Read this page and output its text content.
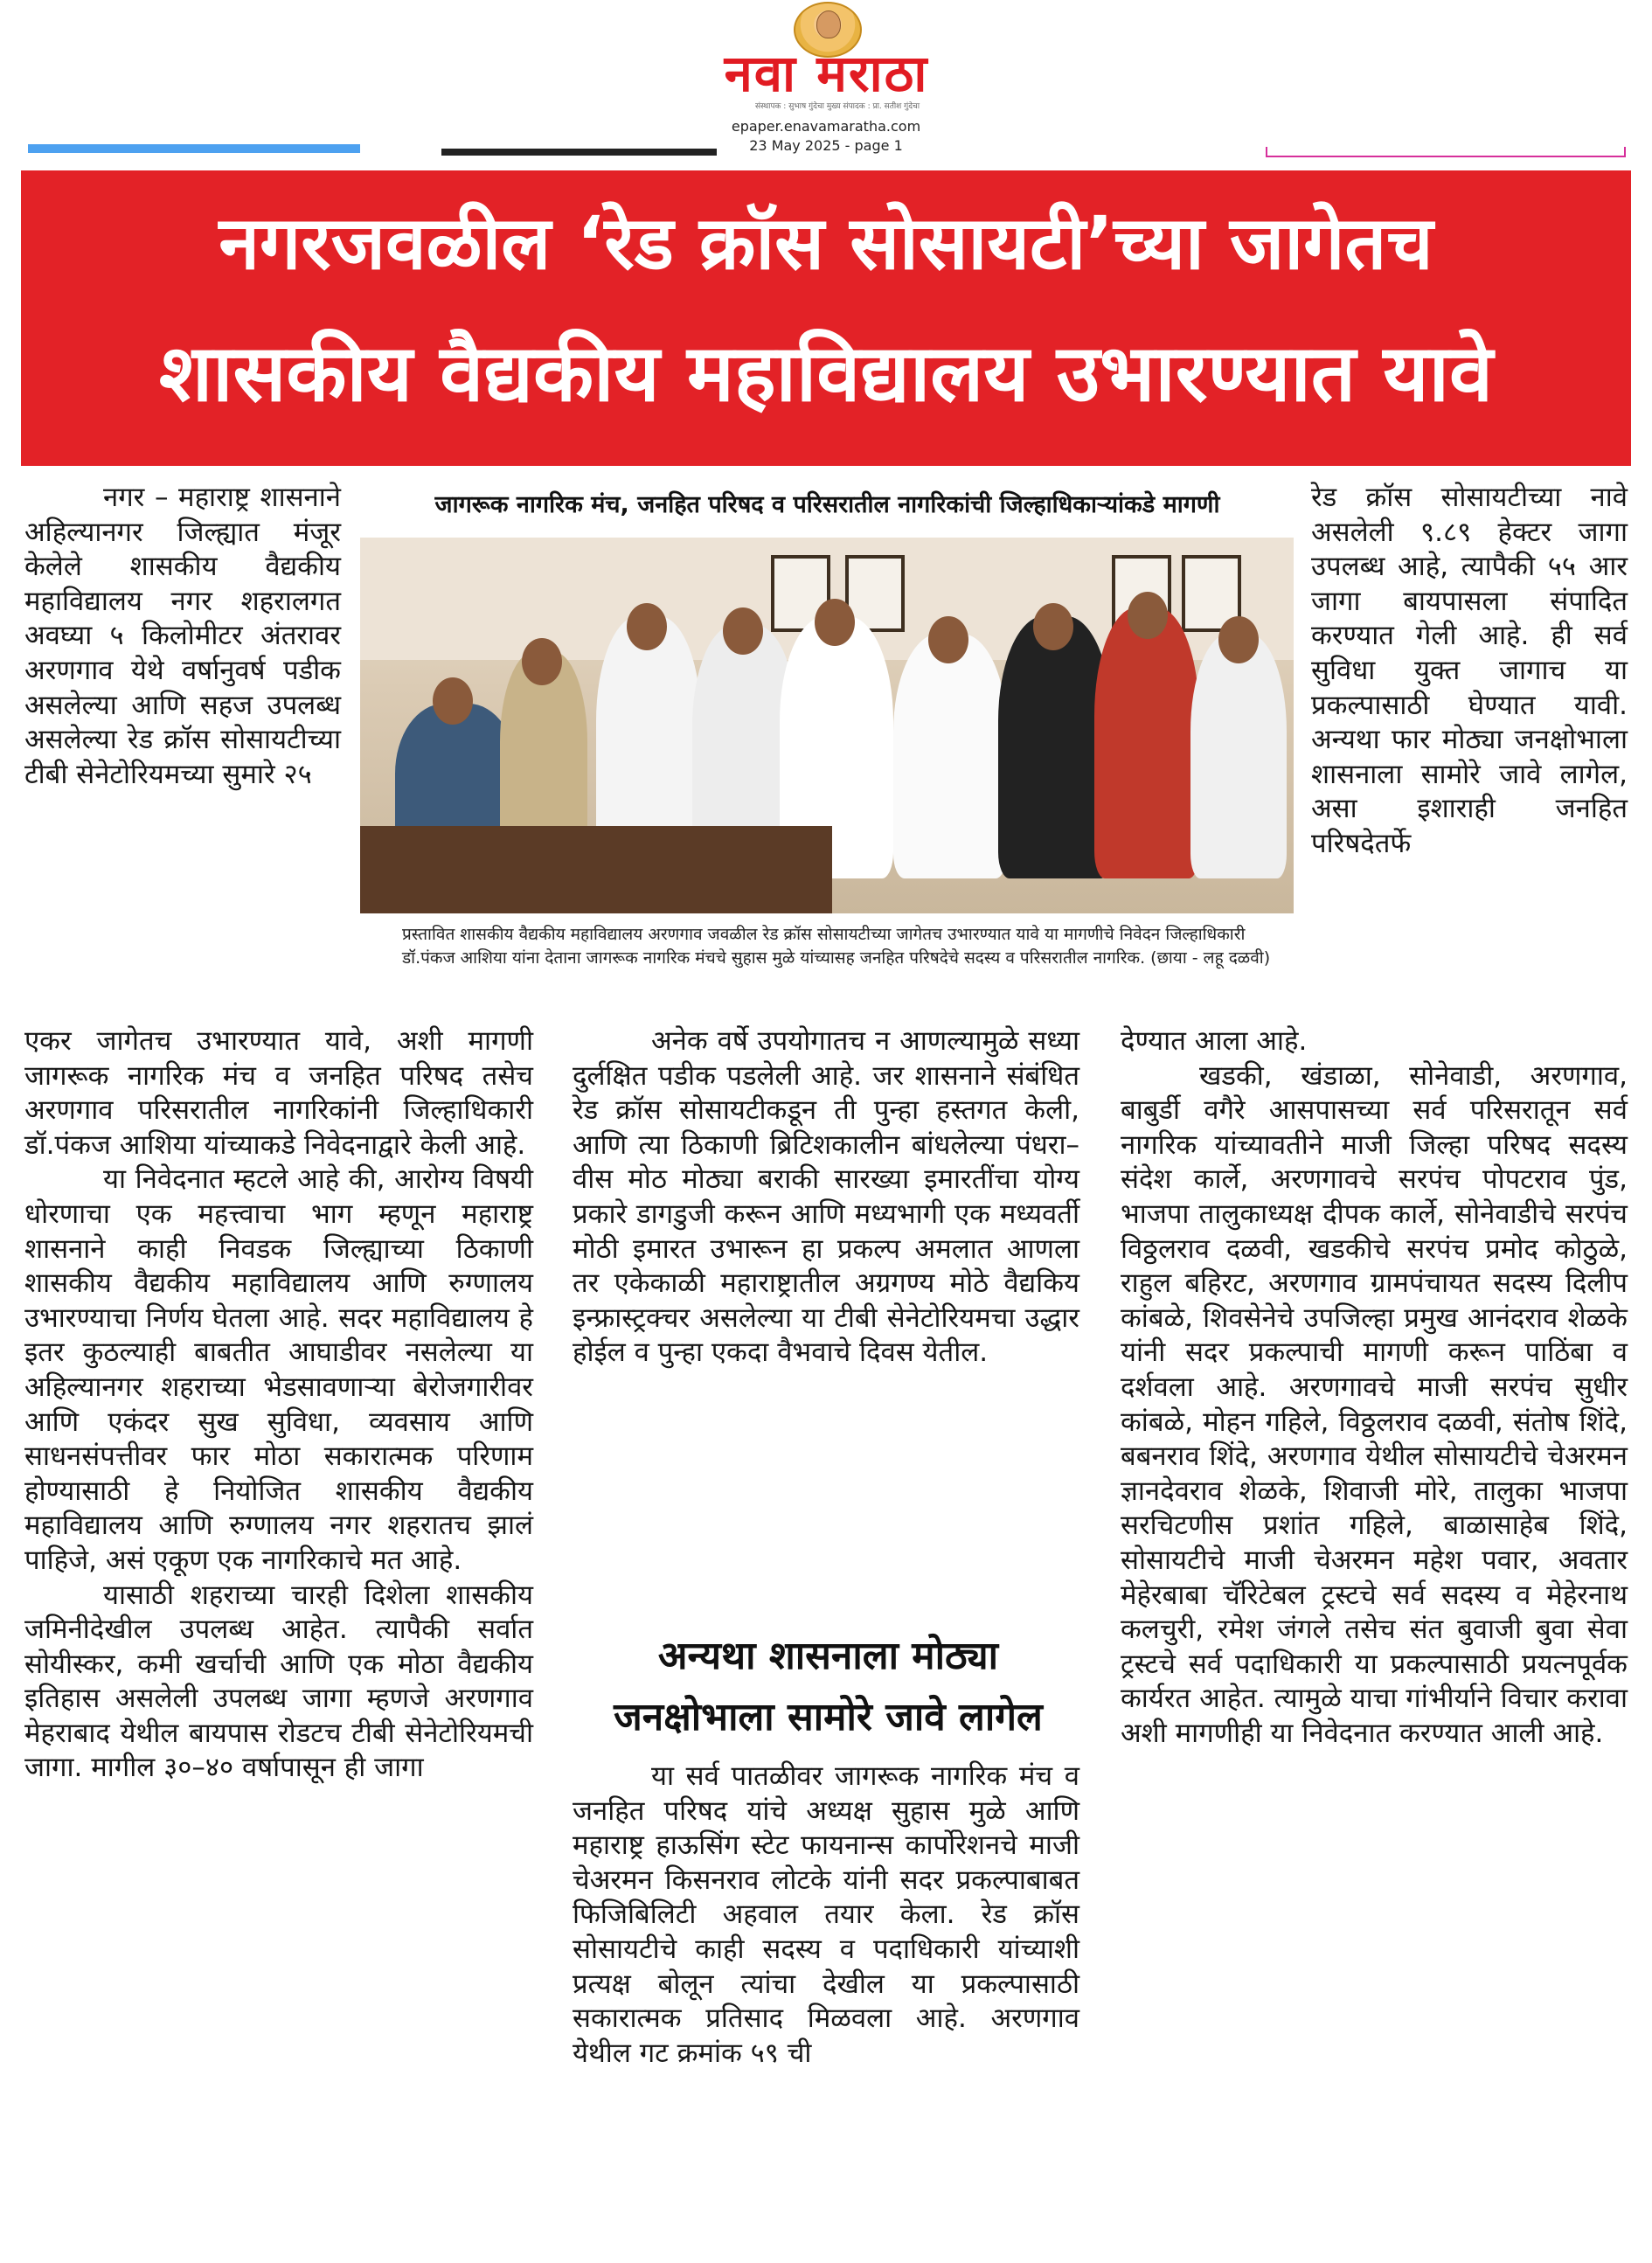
नवा मराठा
संस्थापक : सुभाष गुंदेचा मुख्य संपादक : प्रा. सतीश गुंदेचा
epaper.enavamaratha.com
23 May 2025 - page 1
नगरजवळील ‘रेड क्रॉस सोसायटी’च्या जागेतच
शासकीय वैद्यकीय महाविद्यालय उभारण्यात यावे

नगर – महाराष्ट्र शासनाने अहिल्यानगर जिल्ह्यात मंजूर केलेले शासकीय वैद्यकीय महाविद्यालय नगर शहरालगत अवघ्या ५ किलोमीटर अंतरावर अरणगाव येथे वर्षानुवर्ष पडीक असलेल्या आणि सहज उपलब्ध असलेल्या रेड क्रॉस सोसायटीच्या टीबी सेनेटोरियमच्या सुमारे २५

जागरूक नागरिक मंच, जनहित परिषद व परिसरातील नागरिकांची जिल्हाधिकाऱ्यांकडे मागणी
प्रस्तावित शासकीय वैद्यकीय महाविद्यालय अरणगाव जवळील रेड क्रॉस सोसायटीच्या जागेतच उभारण्यात यावे या मागणीचे निवेदन जिल्हाधिकारी डॉ.पंकज आशिया यांना देताना जागरूक नागरिक मंचचे सुहास मुळे यांच्यासह जनहित परिषदेचे सदस्य व परिसरातील नागरिक. (छाया - लहू दळवी)

रेड क्रॉस सोसायटीच्या नावे असलेली ९.८९ हेक्टर जागा उपलब्ध आहे, त्यापैकी ५५ आर जागा बायपासला संपादित करण्यात गेली आहे. ही सर्व सुविधा युक्त जागाच या प्रकल्पासाठी घेण्यात यावी. अन्यथा फार मोठ्या जनक्षोभाला शासनाला सामोरे जावे लागेल, असा इशाराही जनहित परिषदेतर्फे

एकर जागेतच उभारण्यात यावे, अशी मागणी जागरूक नागरिक मंच व जनहित परिषद तसेच अरणगाव परिसरातील नागरिकांनी जिल्हाधिकारी डॉ.पंकज आशिया यांच्याकडे निवेदनाद्वारे केली आहे.

या निवेदनात म्हटले आहे की, आरोग्य विषयी धोरणाचा एक महत्त्वाचा भाग म्हणून महाराष्ट्र शासनाने काही निवडक जिल्ह्याच्या ठिकाणी शासकीय वैद्यकीय महाविद्यालय आणि रुग्णालय उभारण्याचा निर्णय घेतला आहे. सदर महाविद्यालय हे इतर कुठल्याही बाबतीत आघाडीवर नसलेल्या या अहिल्यानगर शहराच्या भेडसावणाऱ्या बेरोजगारीवर आणि एकंदर सुख सुविधा, व्यवसाय आणि साधनसंपत्तीवर फार मोठा सकारात्मक परिणाम होण्यासाठी हे नियोजित शासकीय वैद्यकीय महाविद्यालय आणि रुग्णालय नगर शहरातच झालं पाहिजे, असं एकूण एक नागरिकाचे मत आहे.

यासाठी शहराच्या चारही दिशेला शासकीय जमिनीदेखील उपलब्ध आहेत. त्यापैकी सर्वात सोयीस्कर, कमी खर्चाची आणि एक मोठा वैद्यकीय इतिहास असलेली उपलब्ध जागा म्हणजे अरणगाव मेहराबाद येथील बायपास रोडटच टीबी सेनेटोरियमची जागा. मागील ३०–४० वर्षापासून ही जागा

अनेक वर्षे उपयोगातच न आणल्यामुळे सध्या दुर्लक्षित पडीक पडलेली आहे. जर शासनाने संबंधित रेड क्रॉस सोसायटीकडून ती पुन्हा हस्तगत केली, आणि त्या ठिकाणी ब्रिटिशकालीन बांधलेल्या पंधरा–वीस मोठ मोठ्या बराकी सारख्या इमारतींचा योग्य प्रकारे डागडुजी करून आणि मध्यभागी एक मध्यवर्ती मोठी इमारत उभारून हा प्रकल्प अमलात आणला तर एकेकाळी महाराष्ट्रातील अग्रगण्य मोठे वैद्यकिय इन्फ्रास्ट्रक्चर असलेल्या या टीबी सेनेटोरियमचा उद्धार होईल व पुन्हा एकदा वैभवाचे दिवस येतील.

अन्यथा शासनाला मोठ्या
जनक्षोभाला सामोरे जावे लागेल

या सर्व पातळीवर जागरूक नागरिक मंच व जनहित परिषद यांचे अध्यक्ष सुहास मुळे आणि महाराष्ट्र हाऊसिंग स्टेट फायनान्स कार्पोरेशनचे माजी चेअरमन किसनराव लोटके यांनी सदर प्रकल्पाबाबत फिजिबिलिटी अहवाल तयार केला. रेड क्रॉस सोसायटीचे काही सदस्य व पदाधिकारी यांच्याशी प्रत्यक्ष बोलून त्यांचा देखील या प्रकल्पासाठी सकारात्मक प्रतिसाद मिळवला आहे. अरणगाव येथील गट क्रमांक ५९ ची

देण्यात आला आहे.

खडकी, खंडाळा, सोनेवाडी, अरणगाव, बाबुर्डी वगैरे आसपासच्या सर्व परिसरातून सर्व नागरिक यांच्यावतीने माजी जिल्हा परिषद सदस्य संदेश कार्ले, अरणगावचे सरपंच पोपटराव पुंड, भाजपा तालुकाध्यक्ष दीपक कार्ले, सोनेवाडीचे सरपंच विठ्ठलराव दळवी, खडकीचे सरपंच प्रमोद कोठुळे, राहुल बहिरट, अरणगाव ग्रामपंचायत सदस्य दिलीप कांबळे, शिवसेनेचे उपजिल्हा प्रमुख आनंदराव शेळके यांनी सदर प्रकल्पाची मागणी करून पाठिंबा व दर्शवला आहे. अरणगावचे माजी सरपंच सुधीर कांबळे, मोहन गहिले, विठ्ठलराव दळवी, संतोष शिंदे, बबनराव शिंदे, अरणगाव येथील सोसायटीचे चेअरमन ज्ञानदेवराव शेळके, शिवाजी मोरे, तालुका भाजपा सरचिटणीस प्रशांत गहिले, बाळासाहेब शिंदे, सोसायटीचे माजी चेअरमन महेश पवार, अवतार मेहेरबाबा चॅरिटेबल ट्रस्टचे सर्व सदस्य व मेहेरनाथ कलचुरी, रमेश जंगले तसेच संत बुवाजी बुवा सेवा ट्रस्टचे सर्व पदाधिकारी या प्रकल्पासाठी प्रयत्नपूर्वक कार्यरत आहेत. त्यामुळे याचा गांभीर्याने विचार करावा अशी मागणीही या निवेदनात करण्यात आली आहे.
